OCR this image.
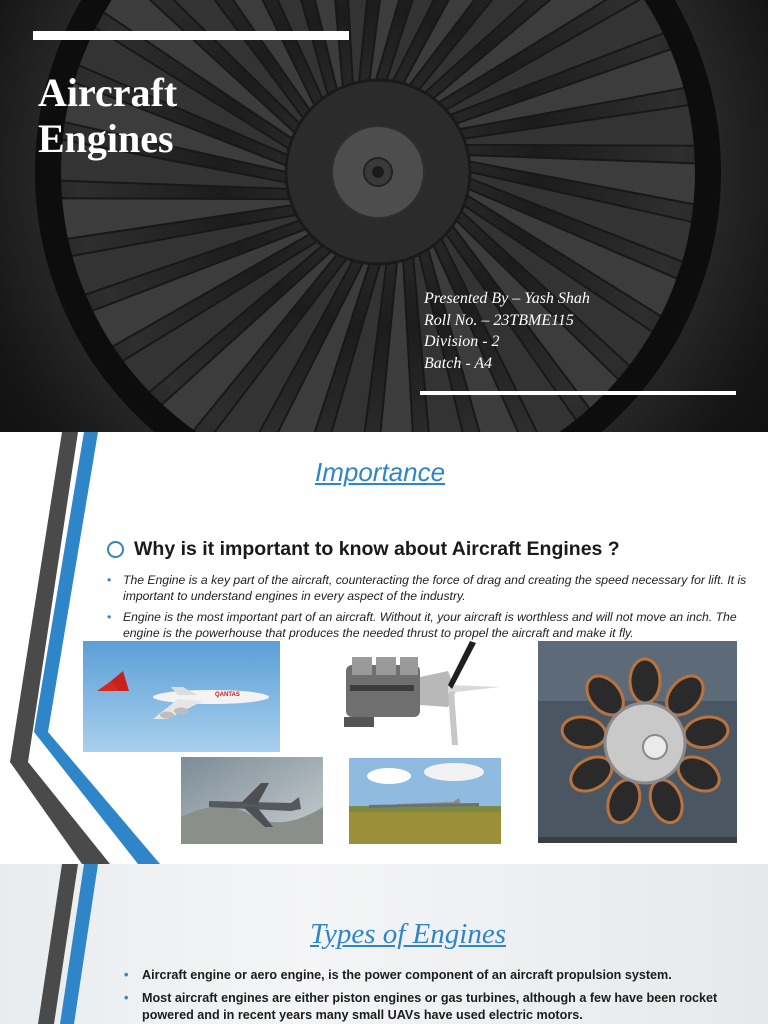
Aircraft
Engines
Presented By – Yash Shah
Roll No. – 23TBME115
Division - 2
Batch - A4
Importance
Why is it important to know about Aircraft Engines ?
• The Engine is a key part of the aircraft, counteracting the force of drag and creating the speed necessary for lift. It is important to understand engines in every aspect of the industry.
• Engine is the most important part of an aircraft. Without it, your aircraft is worthless and will not move an inch. The engine is the powerhouse that produces the needed thrust to propel the aircraft and make it fly.
QANTAS
Types of Engines
• Aircraft engine or aero engine, is the power component of an aircraft propulsion system.
• Most aircraft engines are either piston engines or gas turbines, although a few have been rocket powered and in recent years many small UAVs have used electric motors.
